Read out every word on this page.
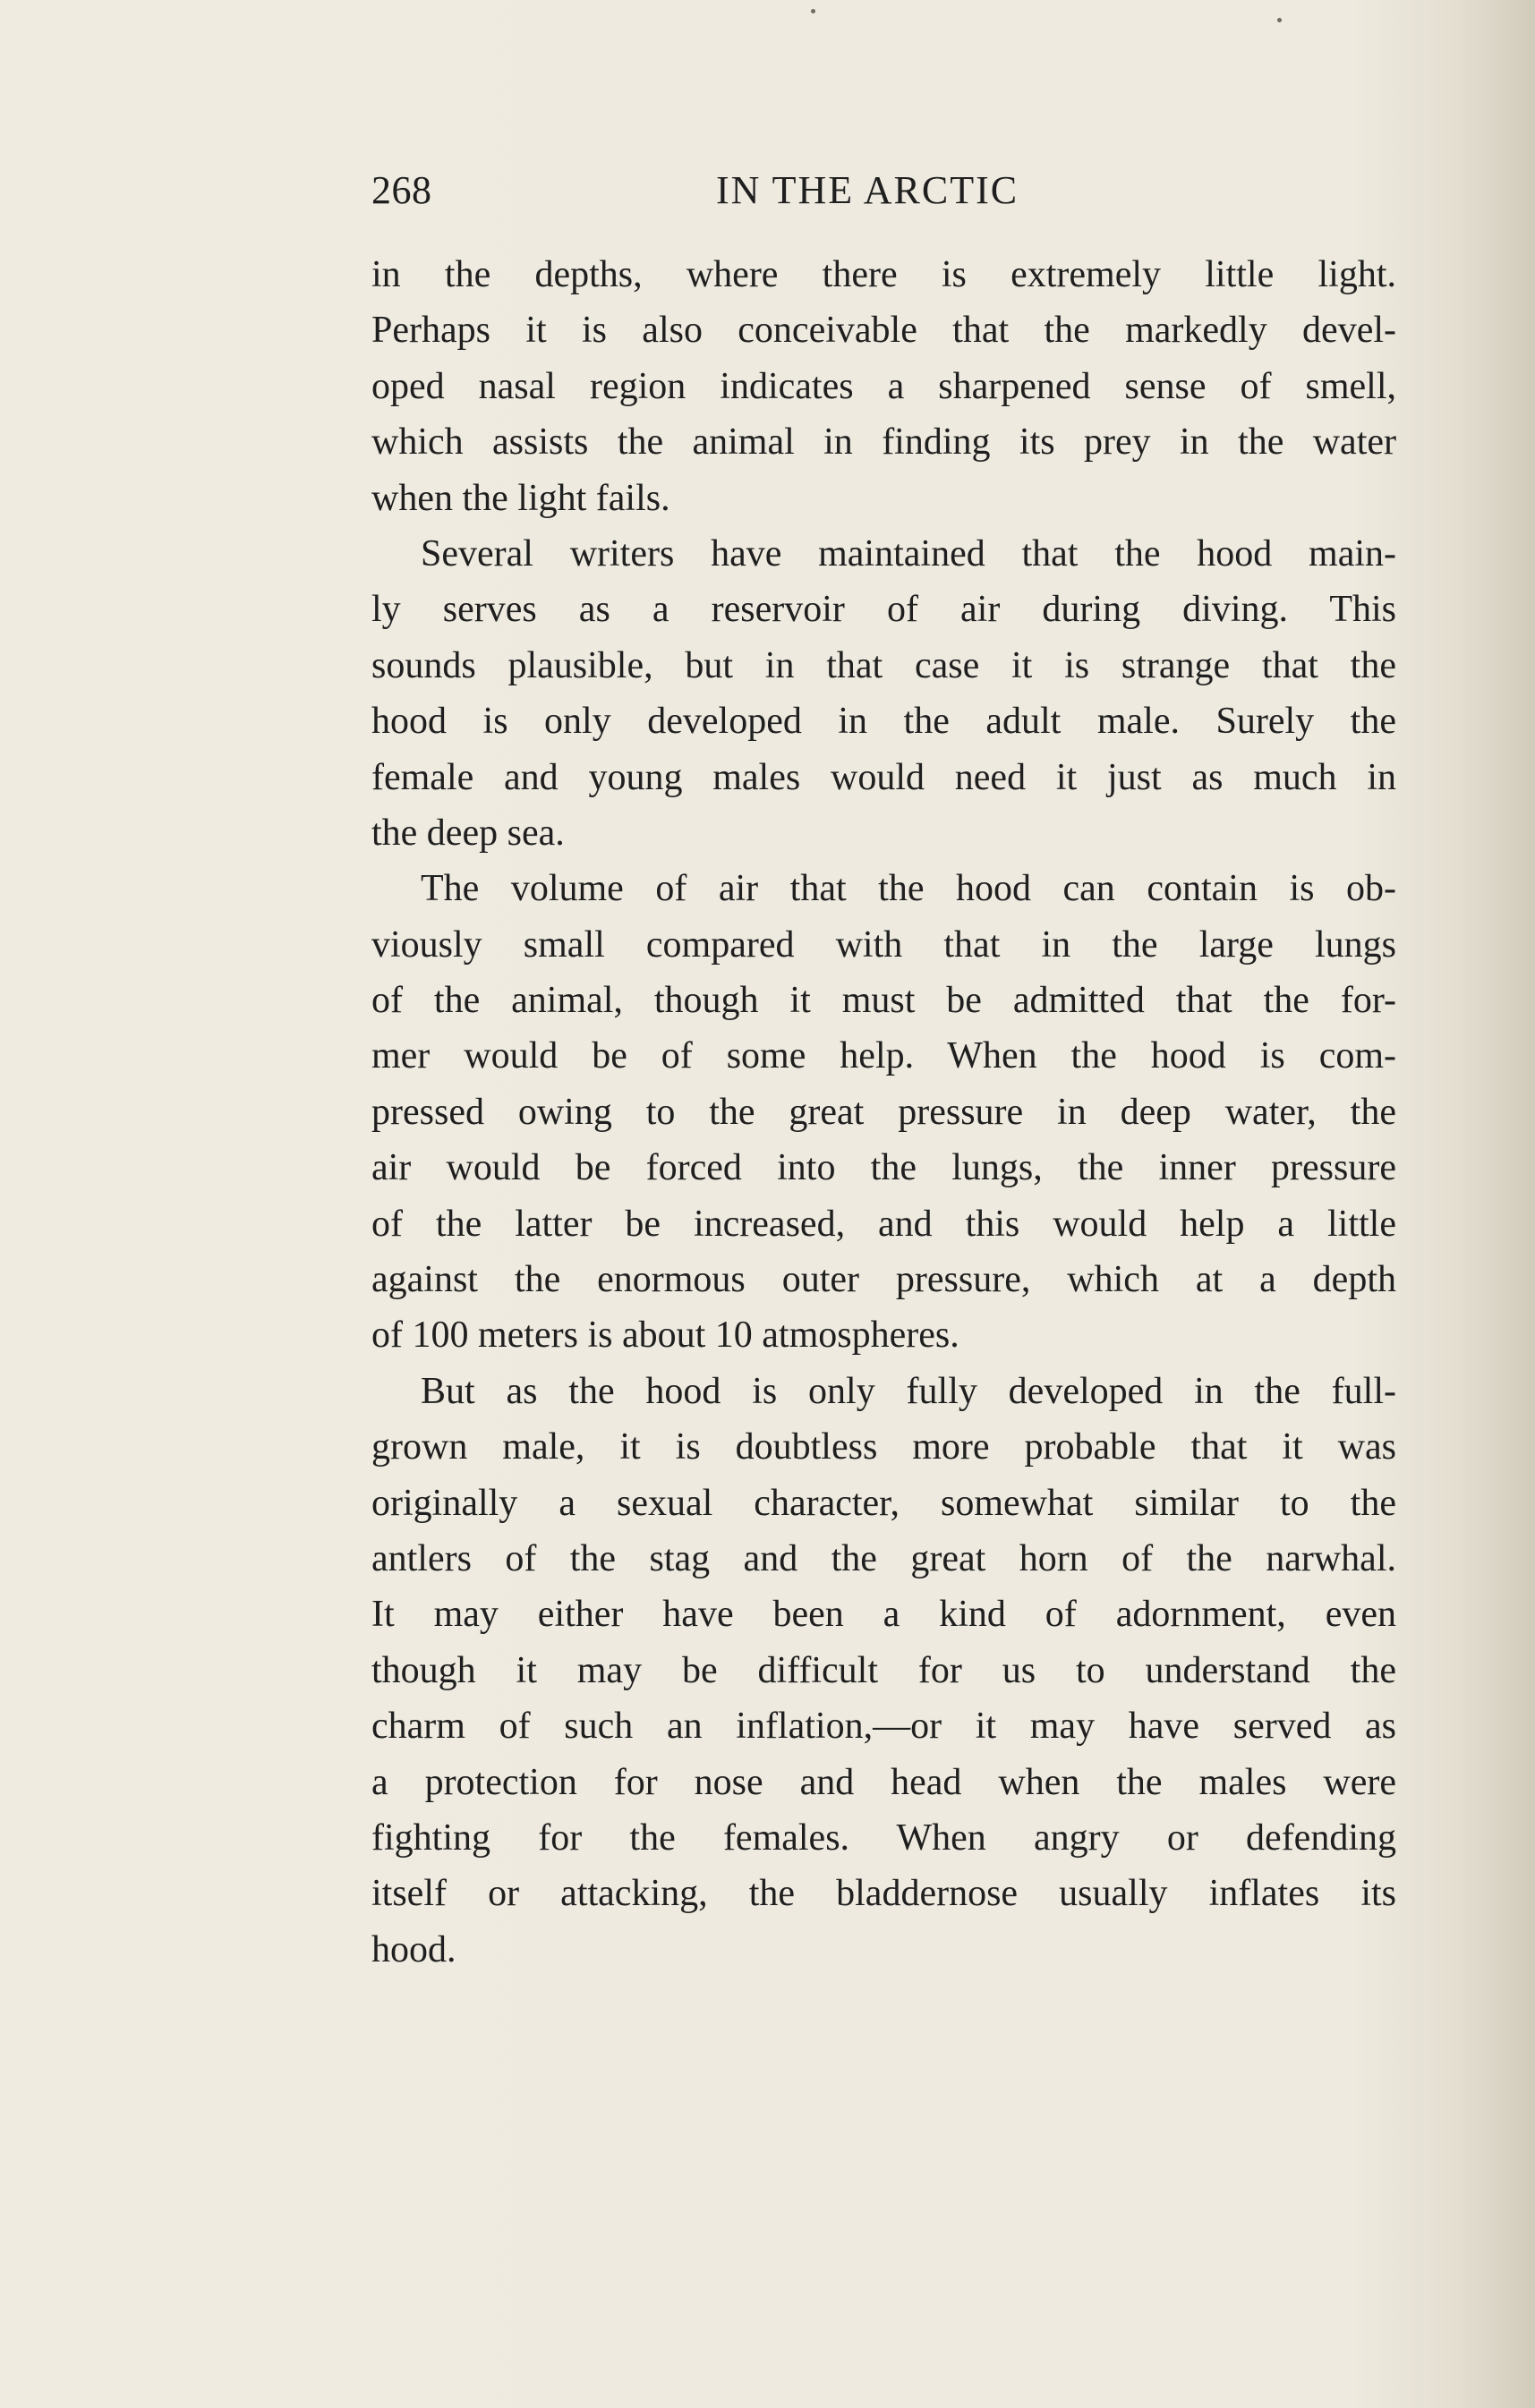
268	IN THE ARCTIC
in the depths, where there is extremely little light.
Perhaps it is also conceivable that the markedly devel-
oped nasal region indicates a sharpened sense of smell,
which assists the animal in finding its prey in the water
when the light fails.
Several writers have maintained that the hood main-
ly serves as a reservoir of air during diving. This
sounds plausible, but in that case it is strange that the
hood is only developed in the adult male. Surely the
female and young males would need it just as much in
the deep sea.
The volume of air that the hood can contain is ob-
viously small compared with that in the large lungs
of the animal, though it must be admitted that the for-
mer would be of some help. When the hood is com-
pressed owing to the great pressure in deep water, the
air would be forced into the lungs, the inner pressure
of the latter be increased, and this would help a little
against the enormous outer pressure, which at a depth
of 100 meters is about 10 atmospheres.
But as the hood is only fully developed in the full-
grown male, it is doubtless more probable that it was
originally a sexual character, somewhat similar to the
antlers of the stag and the great horn of the narwhal.
It may either have been a kind of adornment, even
though it may be difficult for us to understand the
charm of such an inflation,—or it may have served as
a protection for nose and head when the males were
fighting for the females. When angry or defending
itself or attacking, the bladdernose usually inflates its
hood.
